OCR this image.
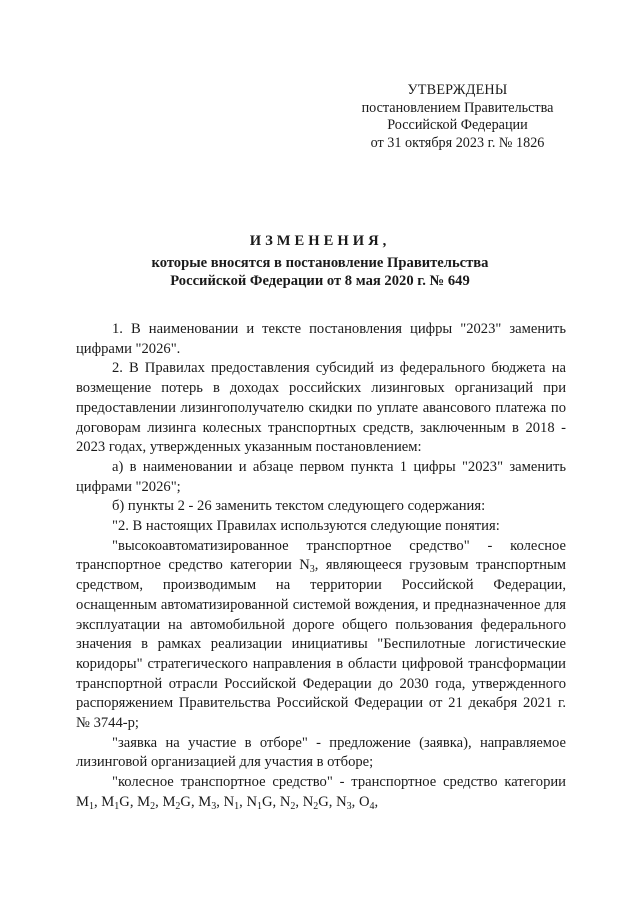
УТВЕРЖДЕНЫ
постановлением Правительства
Российской Федерации
от 31 октября 2023 г. № 1826
ИЗМЕНЕНИЯ,
которые вносятся в постановление Правительства
Российской Федерации от 8 мая 2020 г. № 649

1. В наименовании и тексте постановления цифры "2023" заменить цифрами "2026".

2. В Правилах предоставления субсидий из федерального бюджета на возмещение потерь в доходах российских лизинговых организаций при предоставлении лизингополучателю скидки по уплате авансового платежа по договорам лизинга колесных транспортных средств, заключенным в 2018 - 2023 годах, утвержденных указанным постановлением:

а) в наименовании и абзаце первом пункта 1 цифры "2023" заменить цифрами "2026";

б) пункты 2 - 26 заменить текстом следующего содержания:

"2. В настоящих Правилах используются следующие понятия:

"высокоавтоматизированное транспортное средство" - колесное транспортное средство категории $N_3$, являющееся грузовым транспортным средством, производимым на территории Российской Федерации, оснащенным автоматизированной системой вождения, и предназначенное для эксплуатации на автомобильной дороге общего пользования федерального значения в рамках реализации инициативы "Беспилотные логистические коридоры" стратегического направления в области цифровой трансформации транспортной отрасли Российской Федерации до 2030 года, утвержденного распоряжением Правительства Российской Федерации от 21 декабря 2021 г. № 3744-р;

"заявка на участие в отборе" - предложение (заявка), направляемое лизинговой организацией для участия в отборе;

"колесное транспортное средство" - транспортное средство категории $M_1$, $M_1G$, $M_2$, $M_2G$, $M_3$, $N_1$, $N_1G$, $N_2$, $N_2G$, $N_3$, $O_4$,
